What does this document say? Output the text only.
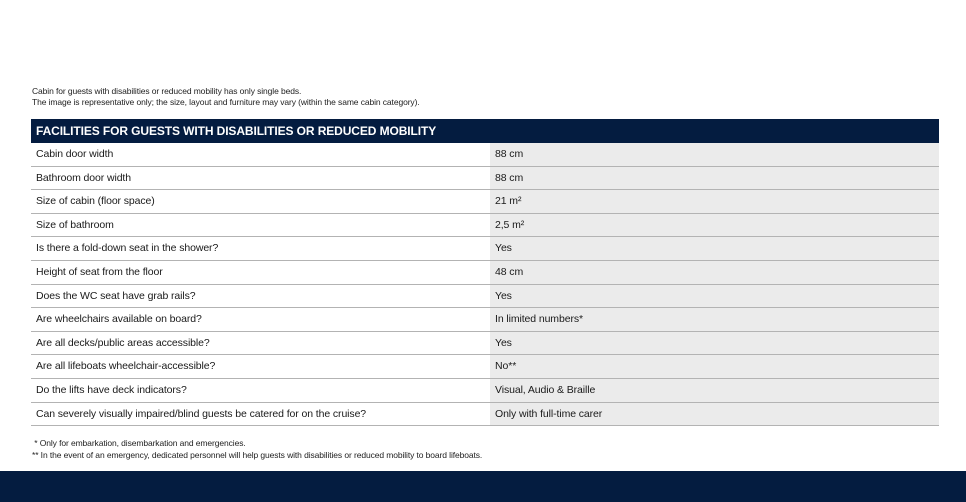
Cabin for guests with disabilities or reduced mobility has only single beds.
The image is representative only; the size, layout and furniture may vary (within the same cabin category).
FACILITIES FOR GUESTS WITH DISABILITIES OR REDUCED MOBILITY
Cabin door width	88 cm
Bathroom door width	88 cm
Size of cabin (floor space)	21 m²
Size of bathroom	2,5 m²
Is there a fold-down seat in the shower?	Yes
Height of seat from the floor	48 cm
Does the WC seat have grab rails?	Yes
Are wheelchairs available on board?	In limited numbers*
Are all decks/public areas accessible?	Yes
Are all lifeboats wheelchair-accessible?	No**
Do the lifts have deck indicators?	Visual, Audio & Braille
Can severely visually impaired/blind guests be catered for on the cruise?	Only with full-time carer
* Only for embarkation, disembarkation and emergencies.
** In the event of an emergency, dedicated personnel will help guests with disabilities or reduced mobility to board lifeboats.
